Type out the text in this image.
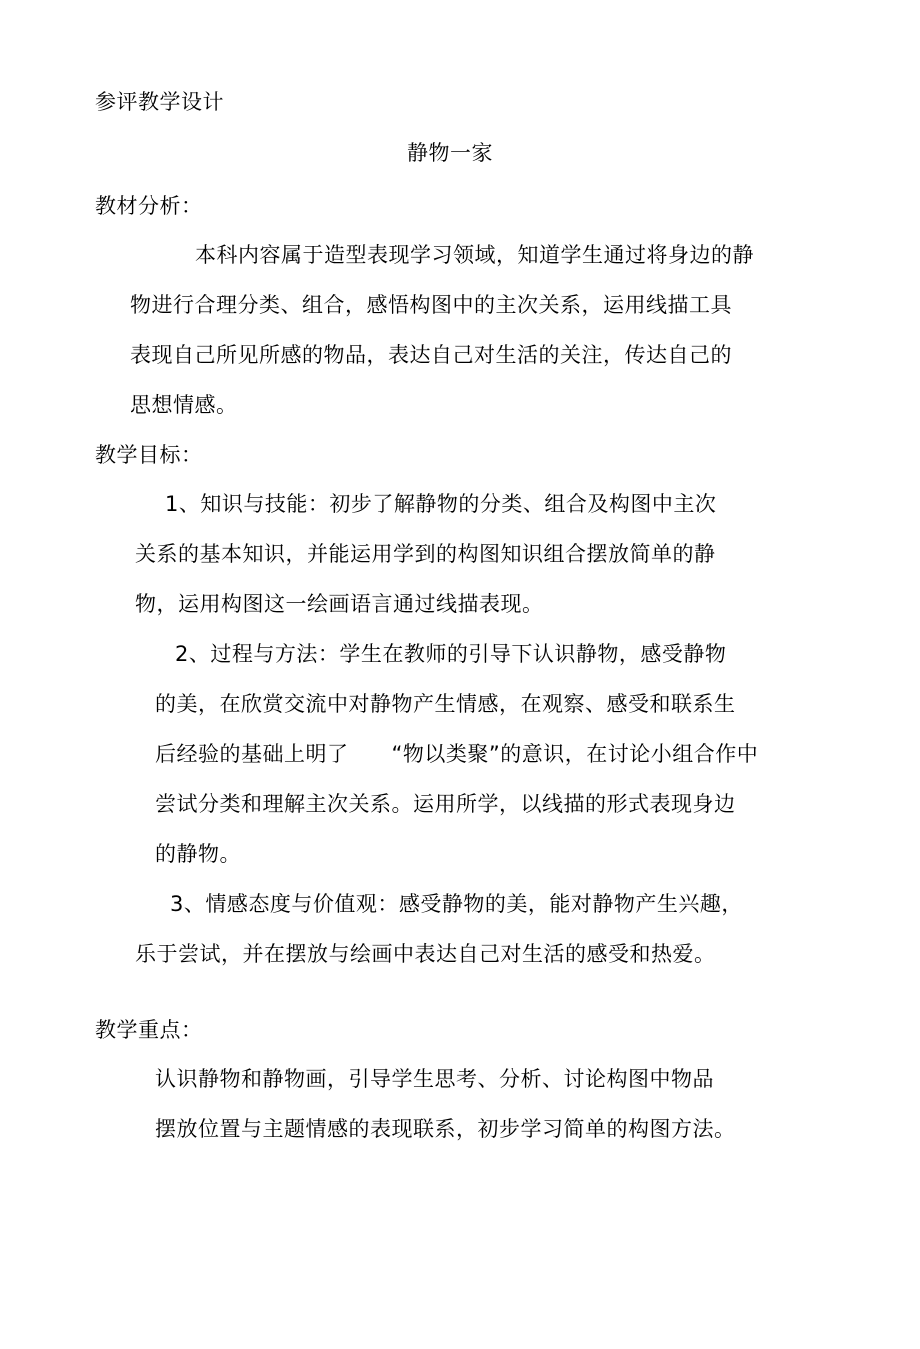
参评教学设计
静物一家
教材分析：
本科内容属于造型表现学习领域，知道学生通过将身边的静
物进行合理分类、组合，感悟构图中的主次关系，运用线描工具
表现自己所见所感的物品，表达自己对生活的关注，传达自己的
思想情感。
教学目标：
1、知识与技能：初步了解静物的分类、组合及构图中主次
关系的基本知识，并能运用学到的构图知识组合摆放简单的静
物，运用构图这一绘画语言通过线描表现。
2、过程与方法：学生在教师的引导下认识静物，感受静物
的美，在欣赏交流中对静物产生情感，在观察、感受和联系生
后经验的基础上明了      “物以类聚”的意识，在讨论小组合作中
尝试分类和理解主次关系。运用所学，以线描的形式表现身边
的静物。
3、情感态度与价值观：感受静物的美，能对静物产生兴趣，
乐于尝试，并在摆放与绘画中表达自己对生活的感受和热爱。
教学重点：
认识静物和静物画，引导学生思考、分析、讨论构图中物品
摆放位置与主题情感的表现联系，初步学习简单的构图方法。
